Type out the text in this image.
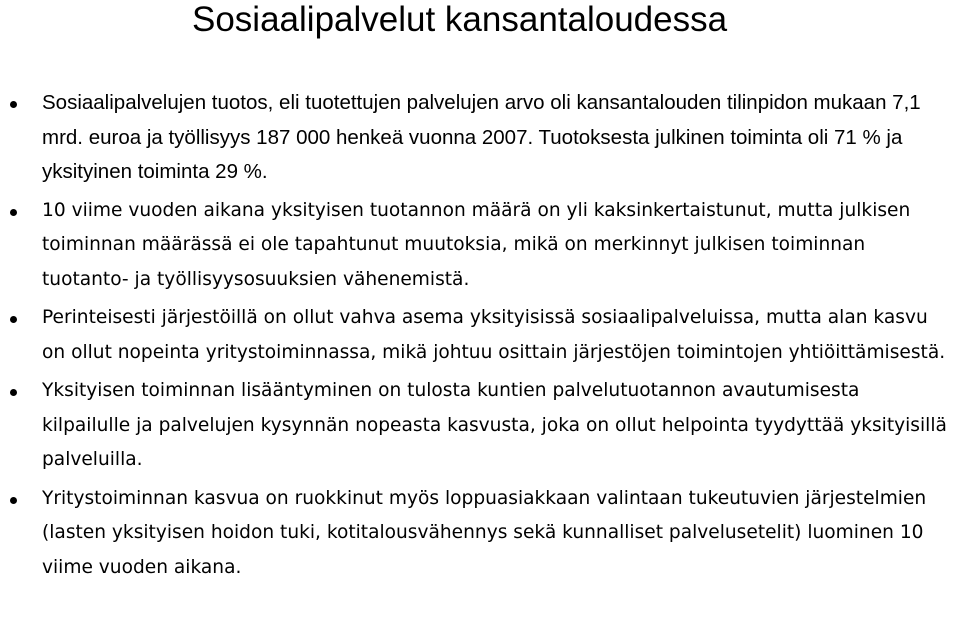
Sosiaalipalvelut kansantaloudessa
Sosiaalipalvelujen tuotos, eli tuotettujen palvelujen arvo oli kansantalouden tilinpidon mukaan 7,1 mrd. euroa ja työllisyys 187 000 henkeä vuonna 2007. Tuotoksesta julkinen toiminta oli 71 % ja yksityinen toiminta 29 %.
10 viime vuoden aikana yksityisen tuotannon määrä on yli kaksinkertaistunut, mutta julkisen toiminnan määrässä ei ole tapahtunut muutoksia, mikä on merkinnyt julkisen toiminnan tuotanto- ja työllisyysosuuksien vähenemistä.
Perinteisesti järjestöillä on ollut vahva asema yksityisissä sosiaalipalveluissa, mutta alan kasvu on ollut nopeinta yritystoiminnassa, mikä johtuu osittain järjestöjen toimintojen yhtiöittämisestä.
Yksityisen toiminnan lisääntyminen on tulosta kuntien palvelutuotannon avautumisesta kilpailulle ja palvelujen kysynnän nopeasta kasvusta, joka on ollut helpointa tyydyttää yksityisillä palveluilla.
Yritystoiminnan kasvua on ruokkinut myös loppuasiakkaan valintaan tukeutuvien järjestelmien (lasten yksityisen hoidon tuki, kotitalousvähennys sekä kunnalliset palvelusetelit) luominen 10 viime vuoden aikana.
